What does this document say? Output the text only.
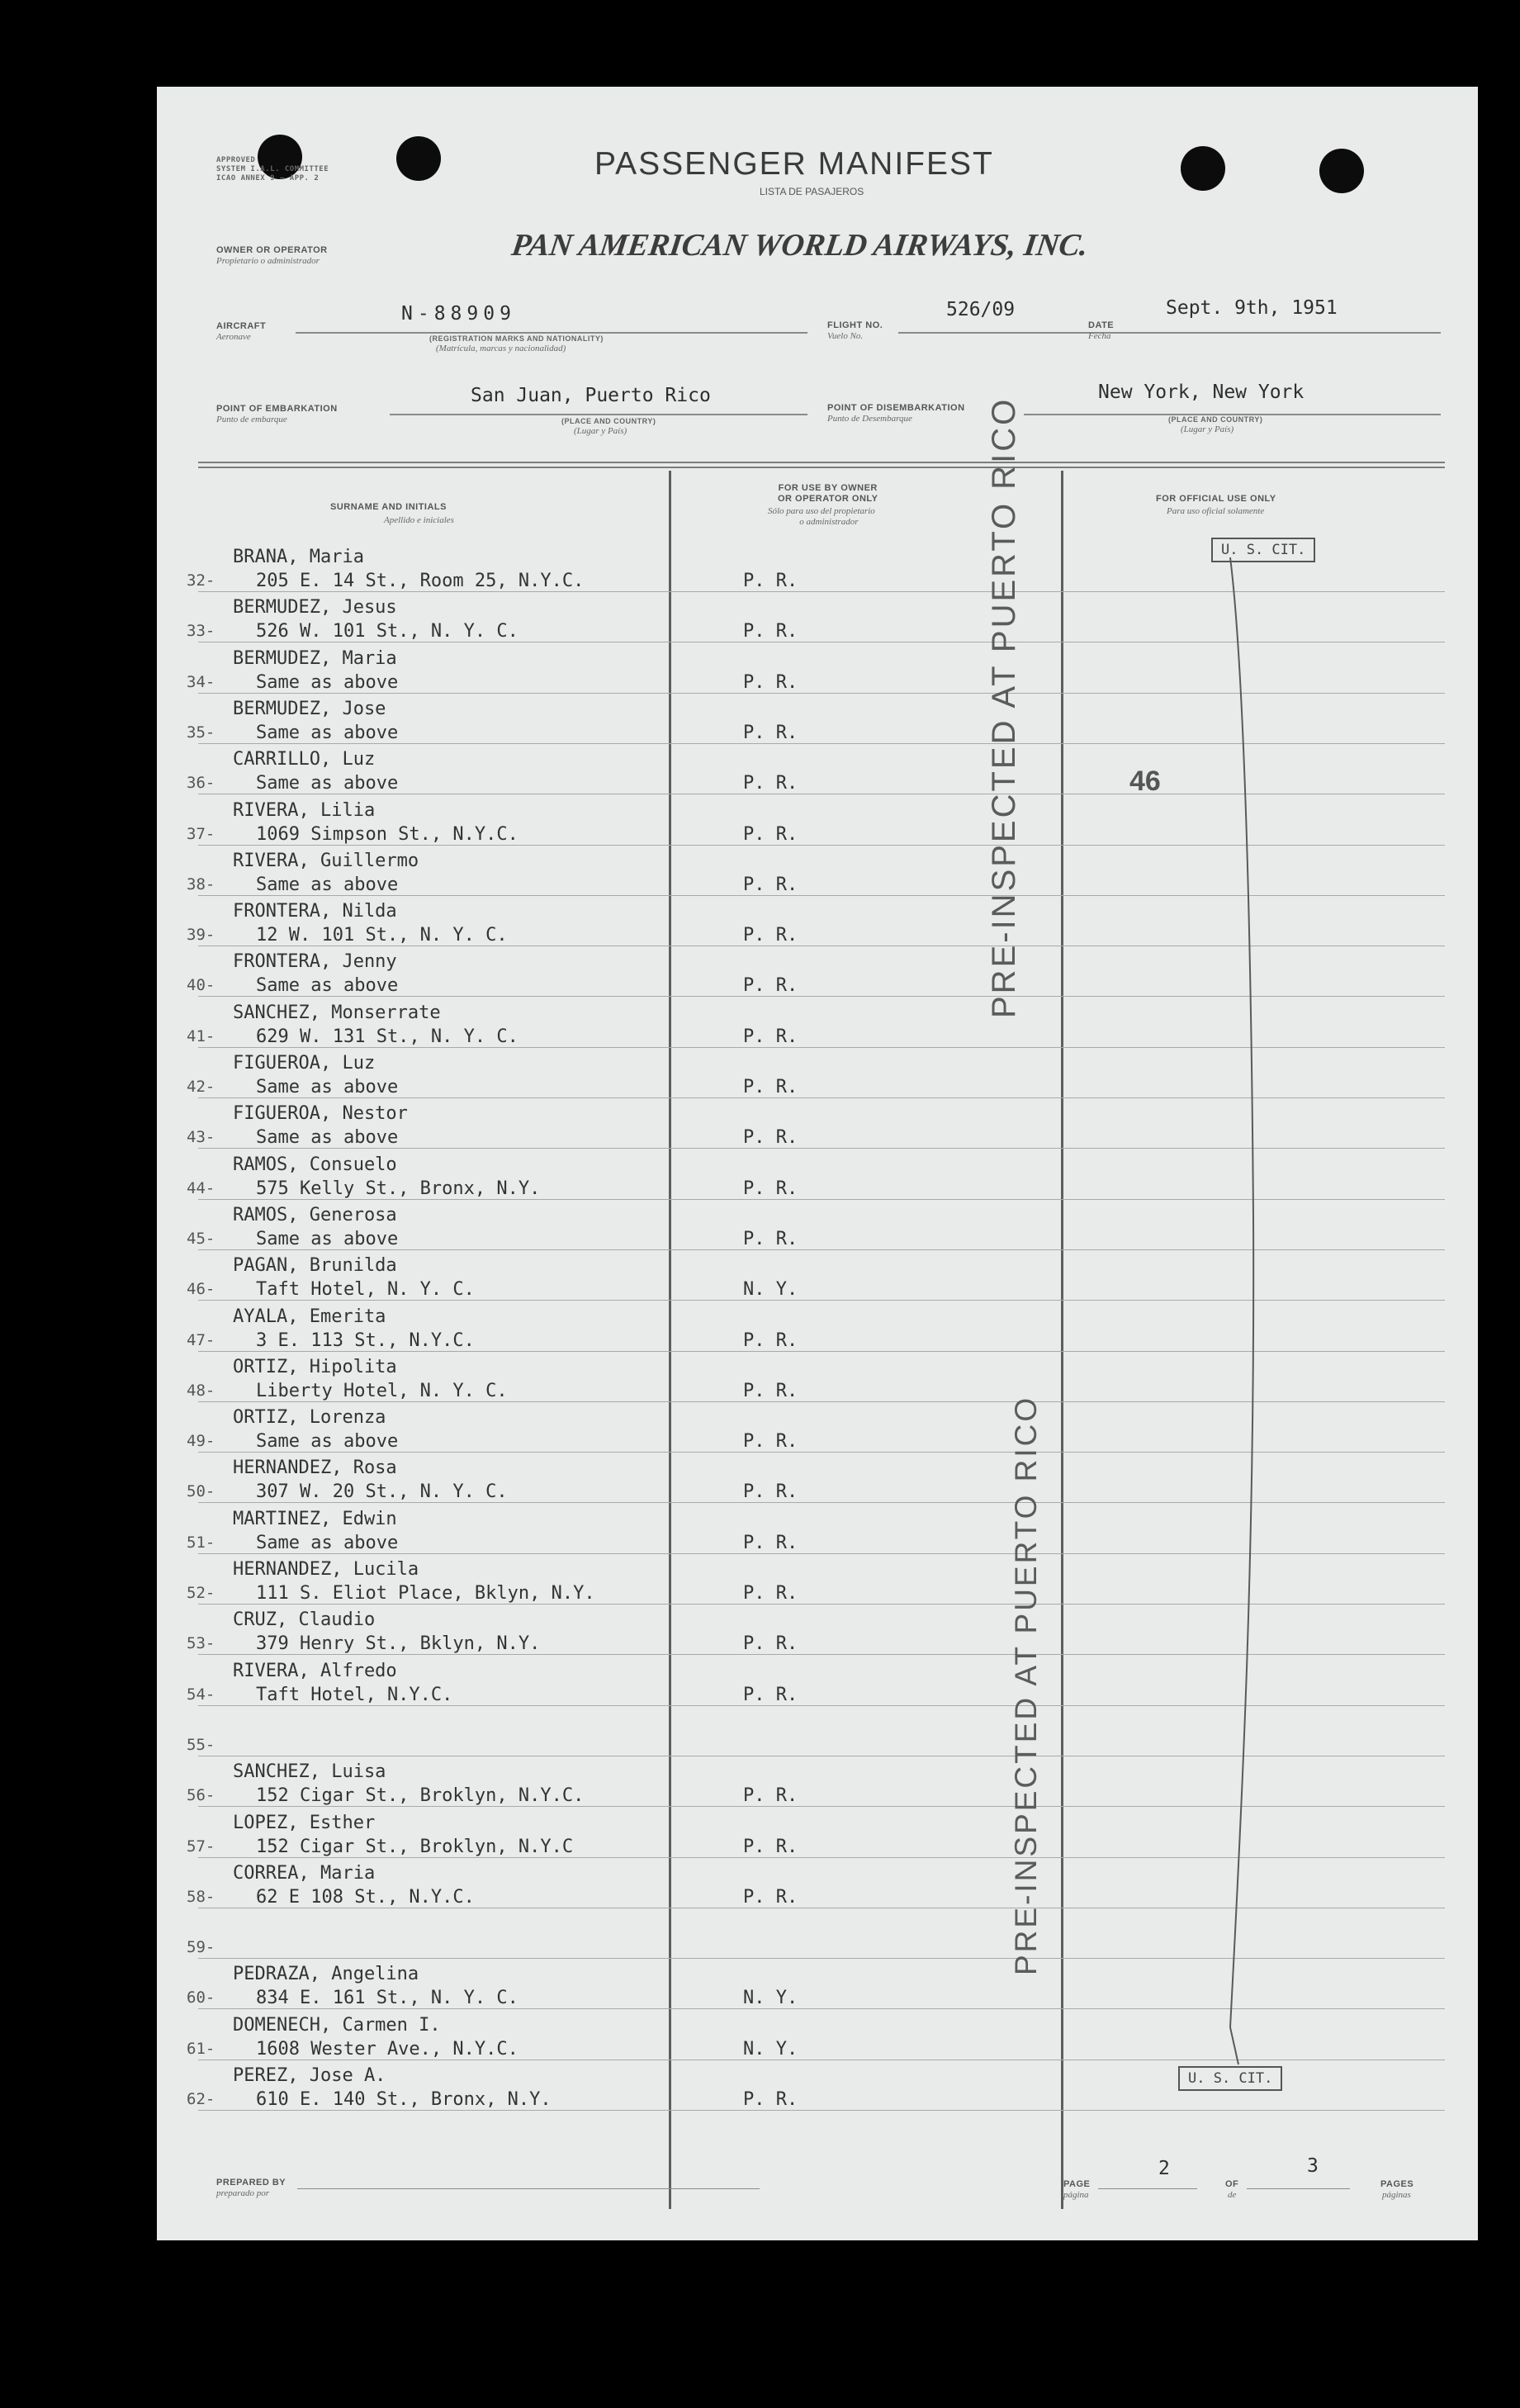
APPROVED
SYSTEM I.A.L. COMMITTEE
ICAO ANNEX 9 — APP. 2	PASSENGER MANIFEST
LISTA DE PASAJEROS
OWNER OR OPERATOR
Propietario o administrador	PAN AMERICAN WORLD AIRWAYS, INC.
AIRCRAFT
Aeronave
N-88909
(REGISTRATION MARKS AND NATIONALITY)
(Matrícula, marcas y nacionalidad)
FLIGHT NO.
Vuelo No.
526/09
DATE
Fecha
Sept. 9th, 1951
POINT OF EMBARKATION
Punto de embarque
San Juan, Puerto Rico
(PLACE AND COUNTRY)
(Lugar y País)
POINT OF DISEMBARKATION
Punto de Desembarque
New York, New York
(PLACE AND COUNTRY)
(Lugar y País)
SURNAME AND INITIALS
Apellido e iniciales
FOR USE BY OWNER
OR OPERATOR ONLY
Sólo para uso del propietario
o administrador
FOR OFFICIAL USE ONLY
Para uso oficial solamente
32-
BRANA, Maria
205 E. 14 St., Room 25, N.Y.C.	P. R.
33-
BERMUDEZ, Jesus
526 W. 101 St., N. Y. C.	P. R.
34-
BERMUDEZ, Maria
Same as above	P. R.
35-
BERMUDEZ, Jose
Same as above	P. R.
36-
CARRILLO, Luz
Same as above	P. R.
37-
RIVERA, Lilia
1069 Simpson St., N.Y.C.	P. R.
38-
RIVERA, Guillermo
Same as above	P. R.
39-
FRONTERA, Nilda
12 W. 101 St., N. Y. C.	P. R.
40-
FRONTERA, Jenny
Same as above	P. R.
41-
SANCHEZ, Monserrate
629 W. 131 St., N. Y. C.	P. R.
42-
FIGUEROA, Luz
Same as above	P. R.
43-
FIGUEROA, Nestor
Same as above	P. R.
44-
RAMOS, Consuelo
575 Kelly St., Bronx, N.Y.	P. R.
45-
RAMOS, Generosa
Same as above	P. R.
46-
PAGAN, Brunilda
Taft Hotel, N. Y. C.	N. Y.
47-
AYALA, Emerita
3 E. 113 St., N.Y.C.	P. R.
48-
ORTIZ, Hipolita
Liberty Hotel, N. Y. C.	P. R.
49-
ORTIZ, Lorenza
Same as above	P. R.
50-
HERNANDEZ, Rosa
307 W. 20 St., N. Y. C.	P. R.
51-
MARTINEZ, Edwin
Same as above	P. R.
52-
HERNANDEZ, Lucila
111 S. Eliot Place, Bklyn, N.Y.	P. R.
53-
CRUZ, Claudio
379 Henry St., Bklyn, N.Y.	P. R.
54-
RIVERA, Alfredo
Taft Hotel, N.Y.C.	P. R.
55-
56-
SANCHEZ, Luisa
152 Cigar St., Broklyn, N.Y.C.	P. R.
57-
LOPEZ, Esther
152 Cigar St., Broklyn, N.Y.C	P. R.
58-
CORREA, Maria
62 E 108 St., N.Y.C.	P. R.
59-
60-
PEDRAZA, Angelina
834 E. 161 St., N. Y. C.	N. Y.
61-
DOMENECH, Carmen I.
1608 Wester Ave., N.Y.C.	N. Y.
62-
PEREZ, Jose A.
610 E. 140 St., Bronx, N.Y.	P. R.
PRE-INSPECTED AT PUERTO RICO
PRE-INSPECTED AT PUERTO RICO
U. S. CIT.
U. S. CIT.
46
PREPARED BY
preparado por
PAGE
página
2
OF
de
3
PAGES
páginas
